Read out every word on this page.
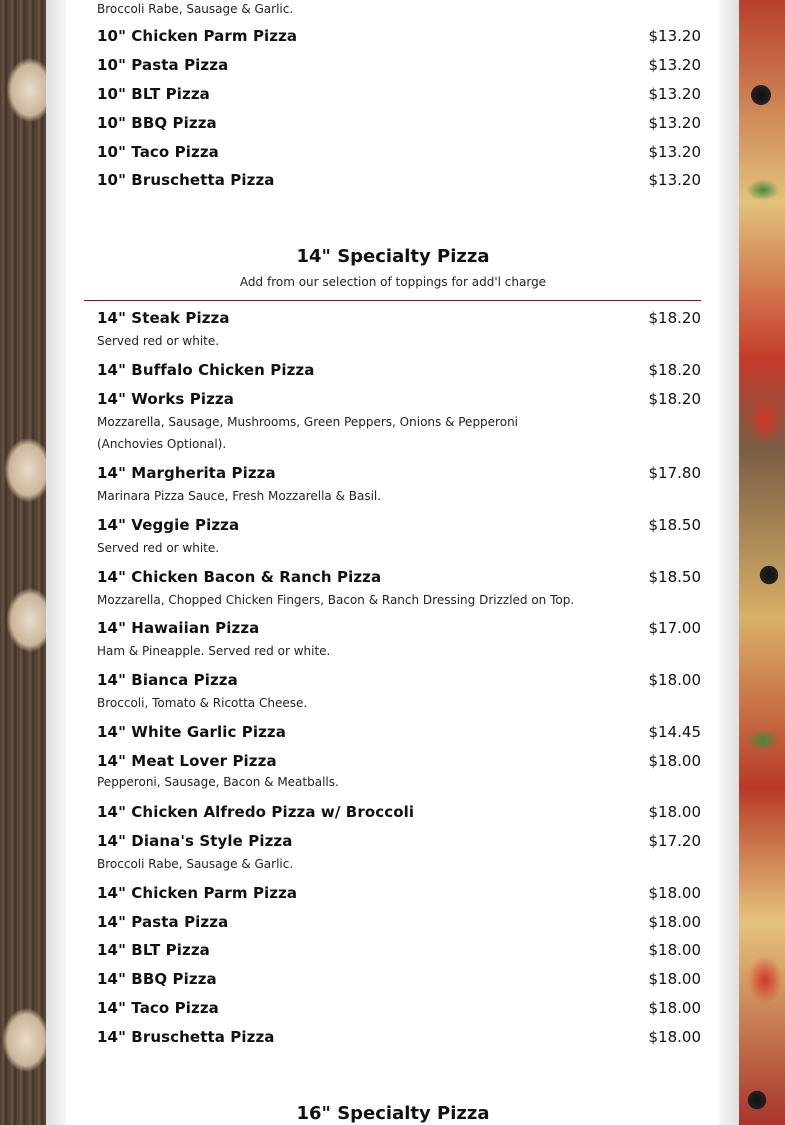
Broccoli Rabe, Sausage & Garlic.
10" Chicken Parm Pizza	$13.20
10" Pasta Pizza	$13.20
10" BLT Pizza	$13.20
10" BBQ Pizza	$13.20
10" Taco Pizza	$13.20
10" Bruschetta Pizza	$13.20
14" Specialty Pizza
Add from our selection of toppings for add'l charge
14" Steak Pizza	$18.20
Served red or white.
14" Buffalo Chicken Pizza	$18.20
14" Works Pizza	$18.20
Mozzarella, Sausage, Mushrooms, Green Peppers, Onions & Pepperoni (Anchovies Optional).
14" Margherita Pizza	$17.80
Marinara Pizza Sauce, Fresh Mozzarella & Basil.
14" Veggie Pizza	$18.50
Served red or white.
14" Chicken Bacon & Ranch Pizza	$18.50
Mozzarella, Chopped Chicken Fingers, Bacon & Ranch Dressing Drizzled on Top.
14" Hawaiian Pizza	$17.00
Ham & Pineapple. Served red or white.
14" Bianca Pizza	$18.00
Broccoli, Tomato & Ricotta Cheese.
14" White Garlic Pizza	$14.45
14" Meat Lover Pizza	$18.00
Pepperoni, Sausage, Bacon & Meatballs.
14" Chicken Alfredo Pizza w/ Broccoli	$18.00
14" Diana's Style Pizza	$17.20
Broccoli Rabe, Sausage & Garlic.
14" Chicken Parm Pizza	$18.00
14" Pasta Pizza	$18.00
14" BLT Pizza	$18.00
14" BBQ Pizza	$18.00
14" Taco Pizza	$18.00
14" Bruschetta Pizza	$18.00
16" Specialty Pizza
